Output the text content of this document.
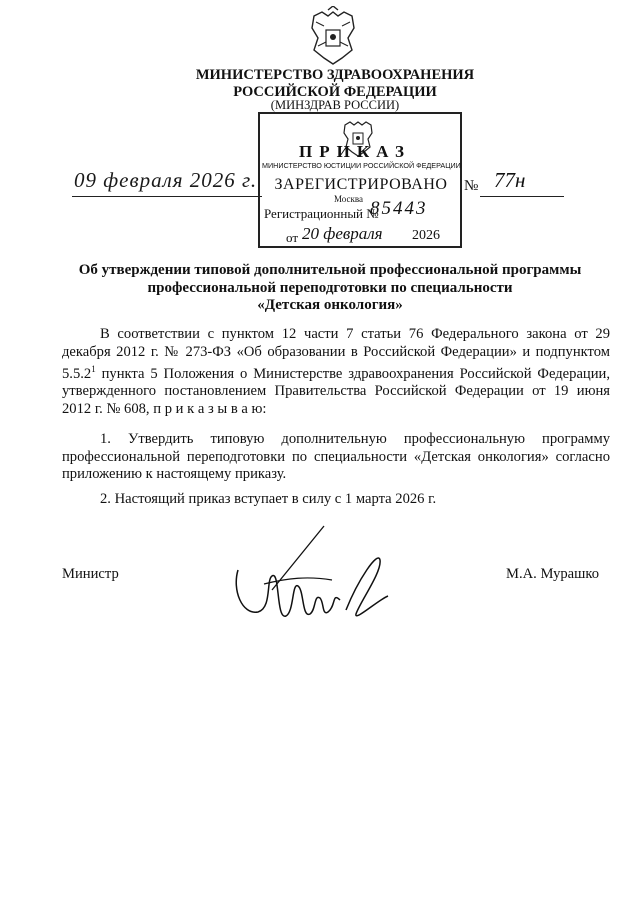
МИНИСТЕРСТВО ЗДРАВООХРАНЕНИЯ
РОССИЙСКОЙ ФЕДЕРАЦИИ
(МИНЗДРАВ РОССИИ)
ПРИКАЗ
МИНИСТЕРСТВО ЮСТИЦИИ РОССИЙСКОЙ ФЕДЕРАЦИИ
ЗАРЕГИСТРИРОВАНО
Москва
Регистрационный №
85443
от 20 февраля 2026
09 февраля 2026 г.	№ 77н
Об утверждении типовой дополнительной профессиональной программы
профессиональной переподготовки по специальности
«Детская онкология»
В соответствии с пунктом 12 части 7 статьи 76 Федерального закона от 29 декабря 2012 г. № 273-ФЗ «Об образовании в Российской Федерации» и подпунктом 5.5.2$^1$ пункта 5 Положения о Министерстве здравоохранения Российской Федерации, утвержденного постановлением Правительства Российской Федерации от 19 июня 2012 г. № 608, п р и к а з ы в а ю:
1. Утвердить типовую дополнительную профессиональную программу профессиональной переподготовки по специальности «Детская онкология» согласно приложению к настоящему приказу.
2. Настоящий приказ вступает в силу с 1 марта 2026 г.
Министр	М.А. Мурашко
